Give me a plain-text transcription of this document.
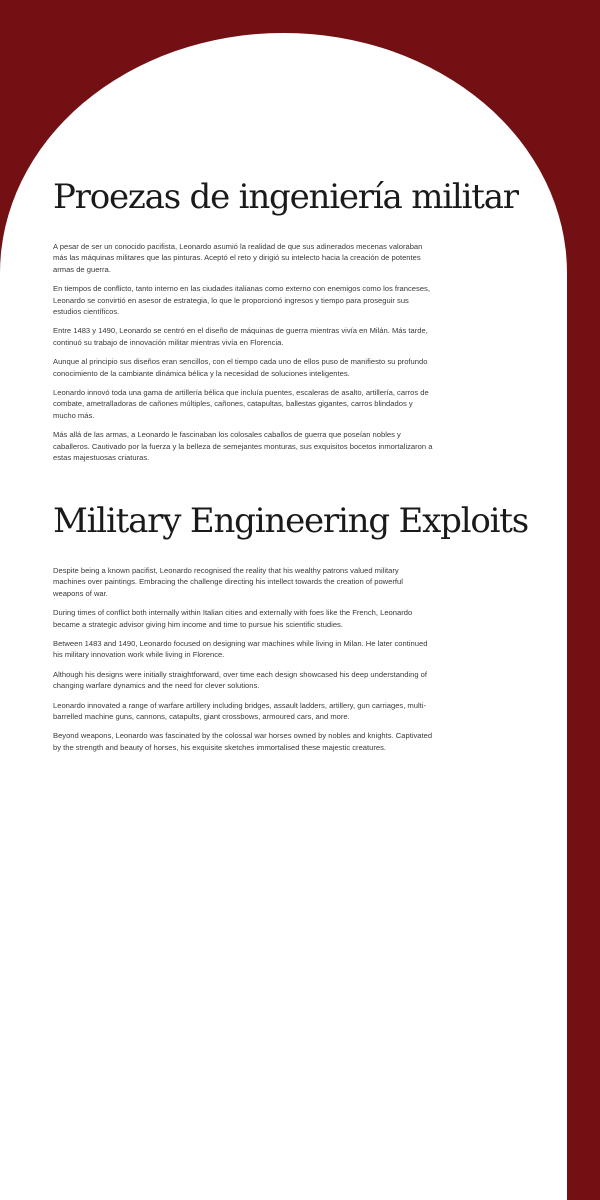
Proezas de ingeniería militar

A pesar de ser un conocido pacifista, Leonardo asumió la realidad de que sus adinerados mecenas valoraban más las máquinas militares que las pinturas. Aceptó el reto y dirigió su intelecto hacia la creación de potentes armas de guerra.

En tiempos de conflicto, tanto interno en las ciudades italianas como externo con enemigos como los franceses, Leonardo se convirtió en asesor de estrategia, lo que le proporcionó ingresos y tiempo para proseguir sus estudios científicos.

Entre 1483 y 1490, Leonardo se centró en el diseño de máquinas de guerra mientras vivía en Milán. Más tarde, continuó su trabajo de innovación militar mientras vivía en Florencia.

Aunque al principio sus diseños eran sencillos, con el tiempo cada uno de ellos puso de manifiesto su profundo conocimiento de la cambiante dinámica bélica y la necesidad de soluciones inteligentes.

Leonardo innovó toda una gama de artillería bélica que incluía puentes, escaleras de asalto, artillería, carros de combate, ametralladoras de cañones múltiples, cañones, catapultas, ballestas gigantes, carros blindados y mucho más.

Más allá de las armas, a Leonardo le fascinaban los colosales caballos de guerra que poseían nobles y caballeros. Cautivado por la fuerza y la belleza de semejantes monturas, sus exquisitos bocetos inmortalizaron a estas majestuosas criaturas.

Military Engineering Exploits

Despite being a known pacifist, Leonardo recognised the reality that his wealthy patrons valued military machines over paintings. Embracing the challenge directing his intellect towards the creation of powerful weapons of war.

During times of conflict both internally within Italian cities and externally with foes like the French, Leonardo became a strategic advisor giving him income and time to pursue his scientific studies.

Between 1483 and 1490, Leonardo focused on designing war machines while living in Milan. He later continued his military innovation work while living in Florence.

Although his designs were initially straightforward, over time each design showcased his deep understanding of changing warfare dynamics and the need for clever solutions.

Leonardo innovated a range of warfare artillery including bridges, assault ladders, artillery, gun carriages, multi-barrelled machine guns, cannons, catapults, giant crossbows, armoured cars, and more.

Beyond weapons, Leonardo was fascinated by the colossal war horses owned by nobles and knights. Captivated by the strength and beauty of horses, his exquisite sketches immortalised these majestic creatures.
